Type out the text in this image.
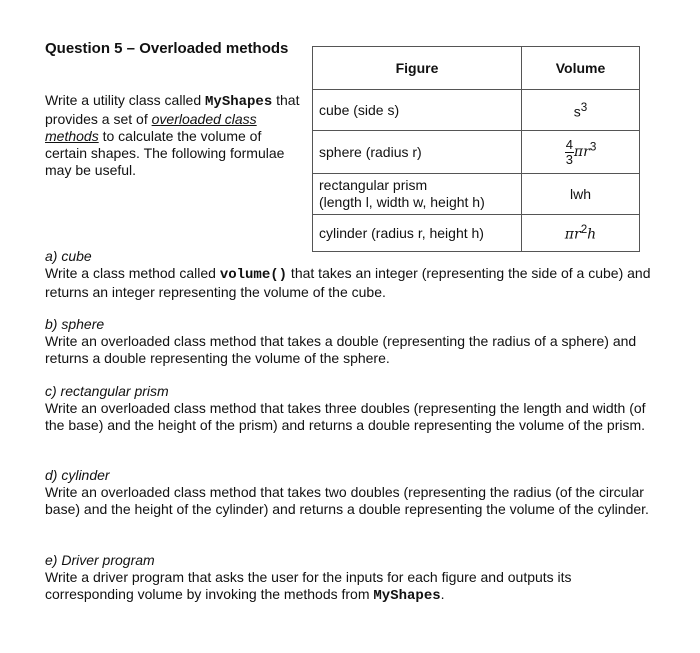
Question 5 – Overloaded methods
Write a utility class called MyShapes that provides a set of overloaded class methods to calculate the volume of certain shapes. The following formulae may be useful.
Figure	Volume
cube (side s)	$s^3$
sphere (radius r)	$\frac{4}{3} \pi r^3$
rectangular prism
(length l, width w, height h)	lwh
cylinder (radius r, height h)	$\pi r^2h$
a) cube
Write a class method called volume() that takes an integer (representing the side of a cube) and returns an integer representing the volume of the cube.
b) sphere
Write an overloaded class method that takes a double (representing the radius of a sphere) and returns a double representing the volume of the sphere.
c) rectangular prism
Write an overloaded class method that takes three doubles (representing the length and width (of the base) and the height of the prism) and returns a double representing the volume of the prism.
d) cylinder
Write an overloaded class method that takes two doubles (representing the radius (of the circular base) and the height of the cylinder) and returns a double representing the volume of the cylinder.
e) Driver program
Write a driver program that asks the user for the inputs for each figure and outputs its corresponding volume by invoking the methods from MyShapes.
